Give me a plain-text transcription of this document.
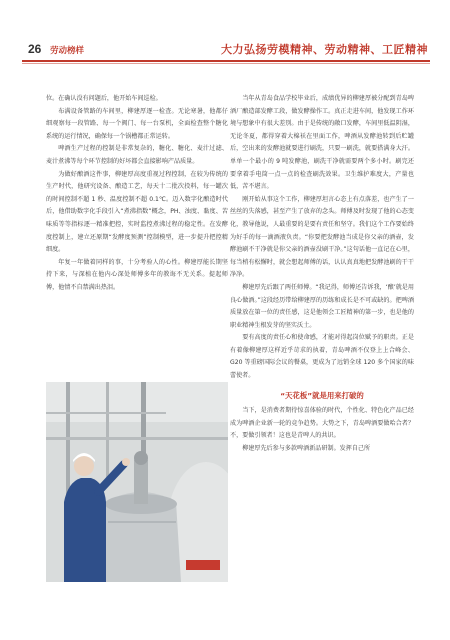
26 劳动榜样	大力弘扬劳模精神、劳动精神、工匠精神

位。在确认没有问题后，他开始车间巡检。

布满设备管路的车间里，柳建厚逐一检查。无论寒暑，他都仔细观察每一段管路、每一个阀门、每一台泵机，全面检查整个糖化系统的运行情况，确保每一个锅槽都正常运转。

啤酒生产过程的控制是非常复杂的，糖化、糖化、麦汁过滤、麦汁煮沸等每个环节控制的好坏都会直接影响产品质量。

为做好酿酒这件事，柳建厚高度重视过程控制，在较为传统的生产时代，他研究设备、酿造工艺，每天十二批次投料，每一罐次的时间控制不超 1 秒、温度控制不超 0.1℃。迈入数字化酿造时代后，他借助数字化手段引入“煮沸指数”概念，PH、浊度、黏度、苦味质等等指标逐一精准把控，实时监控煮沸过程的稳定性。在发酵度控制上，建立还原期“发酵度预测”控制模型，进一步提升把控精细度。

年复一年做着同样的事，十分考验人的心性。柳建厚能长期坚持下来，与深植在他内心深处师傅多年的教诲不无关系。提起师傅，他情不自禁满出热泪。

当年从青岛食品学校毕业后，成绩优异的柳建厚被分配到青岛啤酒厂酿造部发酵工段，做发酵操作工。真正走进车间，他发现工作环境与想象中有很大差别。由于是传统的敞口发酵，车间里低温阴湿，无论冬夏，都得穿着大棉袄在里面工作，啤酒从发酵池转到后贮罐后，空出来的发酵池就要进行刷洗，只要一刷洗，就要搭满身大汗。单单一个最小的 9 吨发酵池，刷洗干净就需要两个多小时。刷完还要拿着手电筒一点一点的检查刷洗效果。卫生维护难度大，产量也低，苦不堪言。

刚开始从事这个工作，柳建厚坦言心态上有点落差，也产生了一丝丝的失落感，甚至产生了放弃的念头。师傅及时发现了他的心态变化，教导他说，人最重要的是要有责任和坚守。我们这个工作要始终为好手的每一滴酒液负责。“你要把发酵池当成是你父亲的酒壶，发酵池刷不干净就是你父亲的酒壶没刷干净。”这句话他一直记在心里，每当梢有松懈时，就会想起师傅的话，认认真真地把发酵池刷的干干净净。

柳建厚先后跟了两任师傅。“我记得，师傅还告诉我，‘酿’就是用良心做酒。”这段经历带给柳建厚的历练和成长是不可或缺的。把啤酒质量放在第一位的责任感，这是他领会工匠精神的第一步，也是他的职业精神生根发芽的坚实沃土。

要有高度的责任心和使命感，才能对得起岗位赋予的职责。正是有着像柳建厚这样近乎苛求的执着，青岛啤酒不仅登上上合峰会、G20 等重磅国际会议的餐桌，更成为了远销全球 120 多个国家的味蕾使者。

“天花板”就是用来打破的

当下，是消费者期待惊喜体验的时代，个性化、特色化产品已经成为啤酒企业新一轮的竞争趋势。大势之下，青岛啤酒要做哈合者？不，要做引领者！这也是青啤人的共识。

柳建厚先后参与多款啤酒新品研制。发挥自己所
